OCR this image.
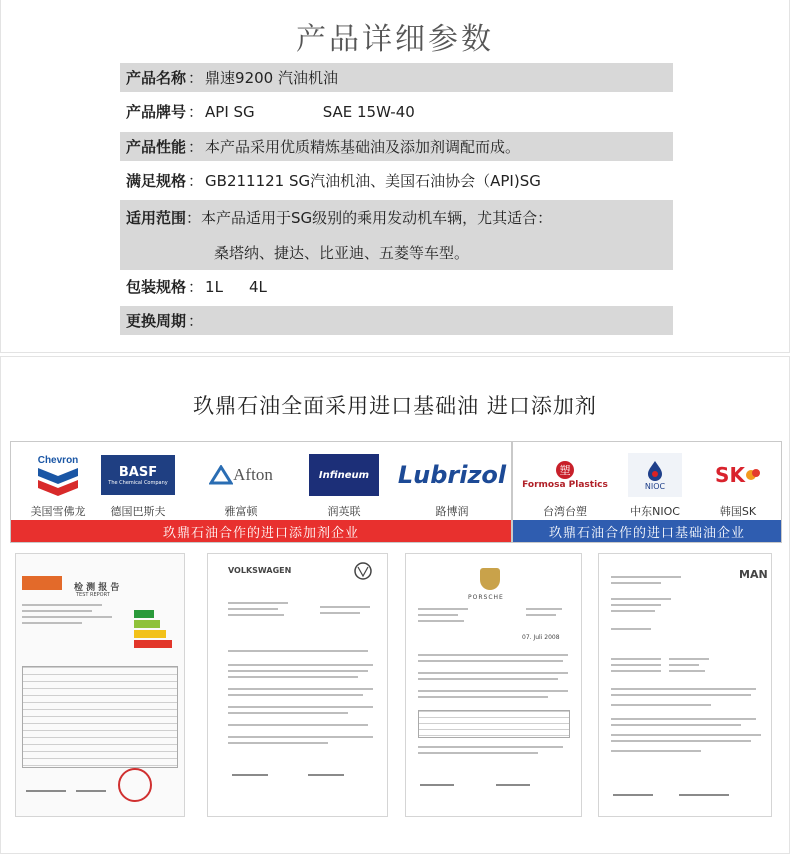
产品详细参数
产品名称 ： 鼎速9200 汽油机油
产品牌号 ： API SG	SAE 15W-40
产品性能 ： 本产品采用优质精炼基础油及添加剂调配而成。
满足规格 ： GB211121 SG汽油机油、美国石油协会（API)SG
适用范围：本产品适用于SG级别的乘用发动机车辆，尤其适合：
桑塔纳、捷达、比亚迪、五菱等车型。
包装规格 ： 1L 4L
更换周期 ：
玖鼎石油全面采用进口基础油 进口添加剂
Chevron
美国雪佛龙
BASF
The Chemical Company
德国巴斯夫
Afton
雅富顿
Infineum
润英联
Lubrizol
路博润
玖鼎石油合作的进口添加剂企业
塑
Formosa Plastics
台湾台塑
NIOC
中东NIOC
SK
韩国SK
玖鼎石油合作的进口基础油企业
检 测 报 告
TEST REPORT
VOLKSWAGEN
PORSCHE
07. Juli 2008
MAN
